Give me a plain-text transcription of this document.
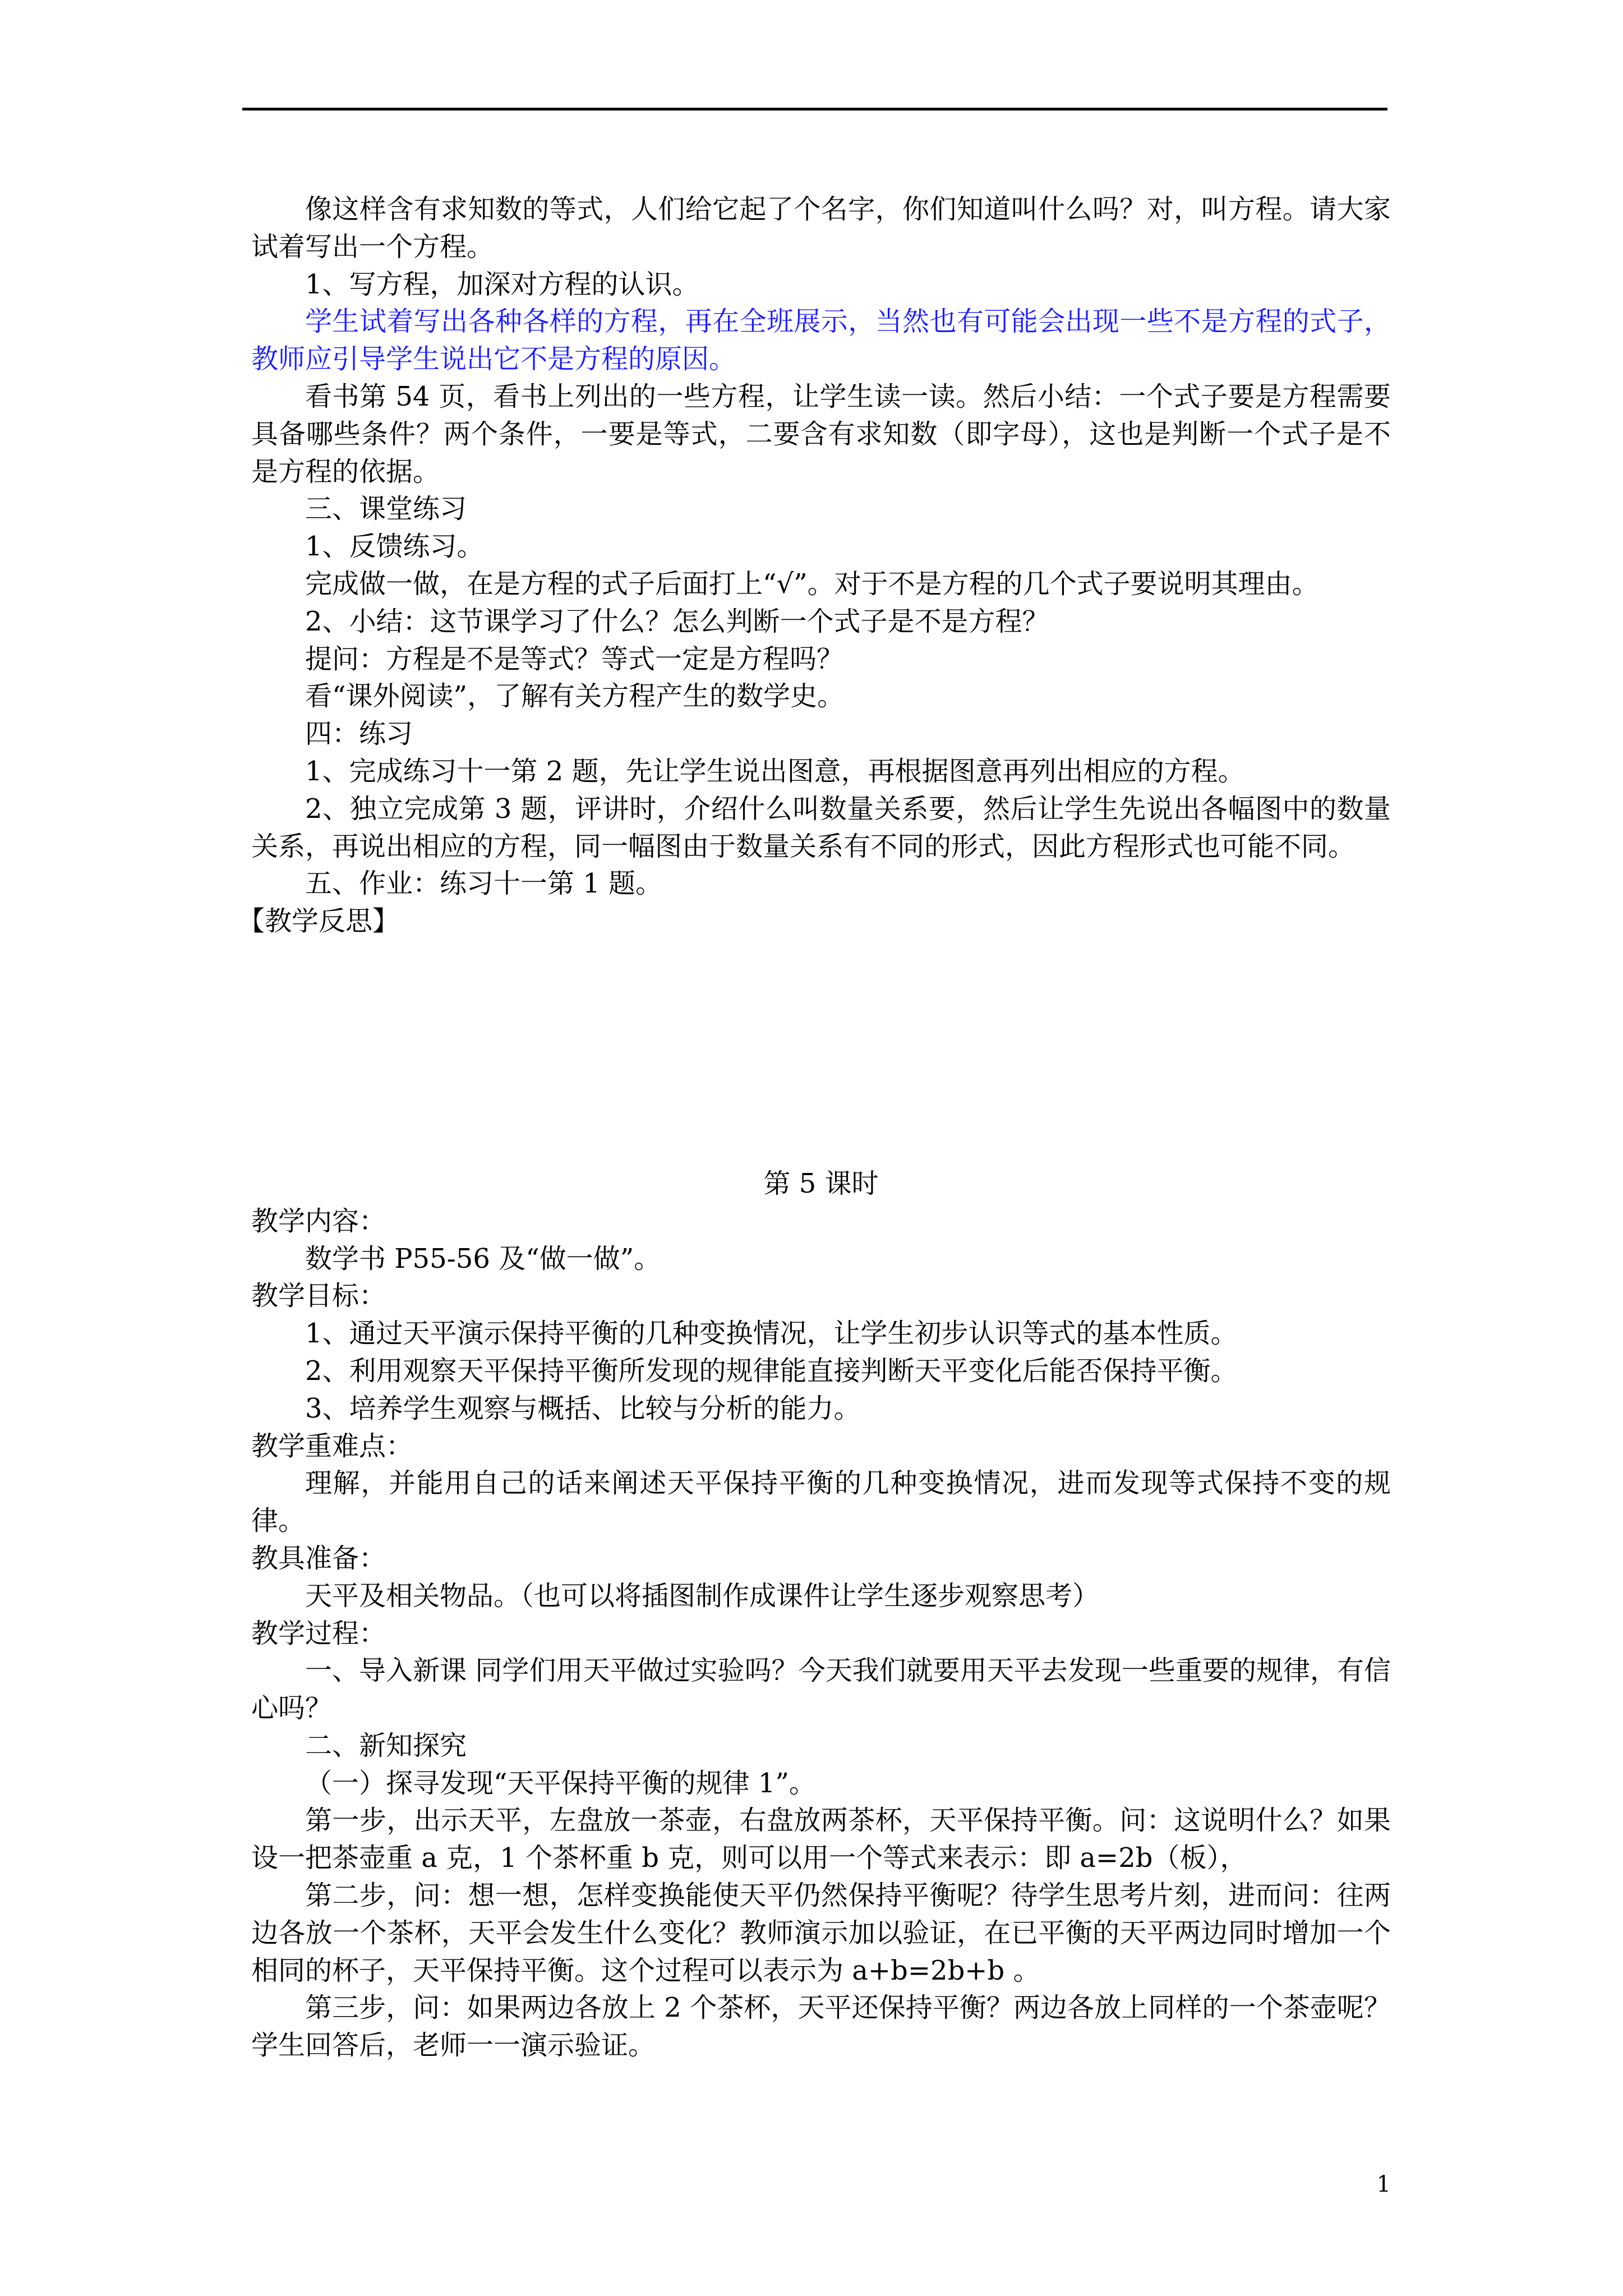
像这样含有求知数的等式，人们给它起了个名字，你们知道叫什么吗？对，叫方程。请大家试着写出一个方程。

1、写方程，加深对方程的认识。

学生试着写出各种各样的方程，再在全班展示，当然也有可能会出现一些不是方程的式子，教师应引导学生说出它不是方程的原因。

看书第 54 页，看书上列出的一些方程，让学生读一读。然后小结：一个式子要是方程需要具备哪些条件？两个条件，一要是等式，二要含有求知数（即字母），这也是判断一个式子是不是方程的依据。

三、课堂练习

1、反馈练习。

完成做一做，在是方程的式子后面打上“√”。对于不是方程的几个式子要说明其理由。

2、小结：这节课学习了什么？怎么判断一个式子是不是方程？

提问：方程是不是等式？等式一定是方程吗？

看“课外阅读”，了解有关方程产生的数学史。

四：练习

1、完成练习十一第 2 题，先让学生说出图意，再根据图意再列出相应的方程。

2、独立完成第 3 题，评讲时，介绍什么叫数量关系要，然后让学生先说出各幅图中的数量关系，再说出相应的方程，同一幅图由于数量关系有不同的形式，因此方程形式也可能不同。

五、作业：练习十一第 1 题。

【教学反思】

第 5 课时

教学内容：

数学书 P55-56 及“做一做”。

教学目标：

1、通过天平演示保持平衡的几种变换情况，让学生初步认识等式的基本性质。

2、利用观察天平保持平衡所发现的规律能直接判断天平变化后能否保持平衡。

3、培养学生观察与概括、比较与分析的能力。

教学重难点：

理解，并能用自己的话来阐述天平保持平衡的几种变换情况，进而发现等式保持不变的规律。

教具准备：

天平及相关物品。（也可以将插图制作成课件让学生逐步观察思考）

教学过程：

一、导入新课 同学们用天平做过实验吗？今天我们就要用天平去发现一些重要的规律，有信心吗？

二、新知探究

（一）探寻发现“天平保持平衡的规律 1”。

第一步，出示天平，左盘放一茶壶，右盘放两茶杯，天平保持平衡。问：这说明什么？如果设一把茶壶重 a 克，1 个茶杯重 b 克，则可以用一个等式来表示：即 a=2b（板），

第二步，问：想一想，怎样变换能使天平仍然保持平衡呢？待学生思考片刻，进而问：往两边各放一个茶杯，天平会发生什么变化？教师演示加以验证，在已平衡的天平两边同时增加一个相同的杯子，天平保持平衡。这个过程可以表示为 a+b=2b+b 。

第三步，问：如果两边各放上 2 个茶杯，天平还保持平衡？两边各放上同样的一个茶壶呢？学生回答后，老师一一演示验证。

1
